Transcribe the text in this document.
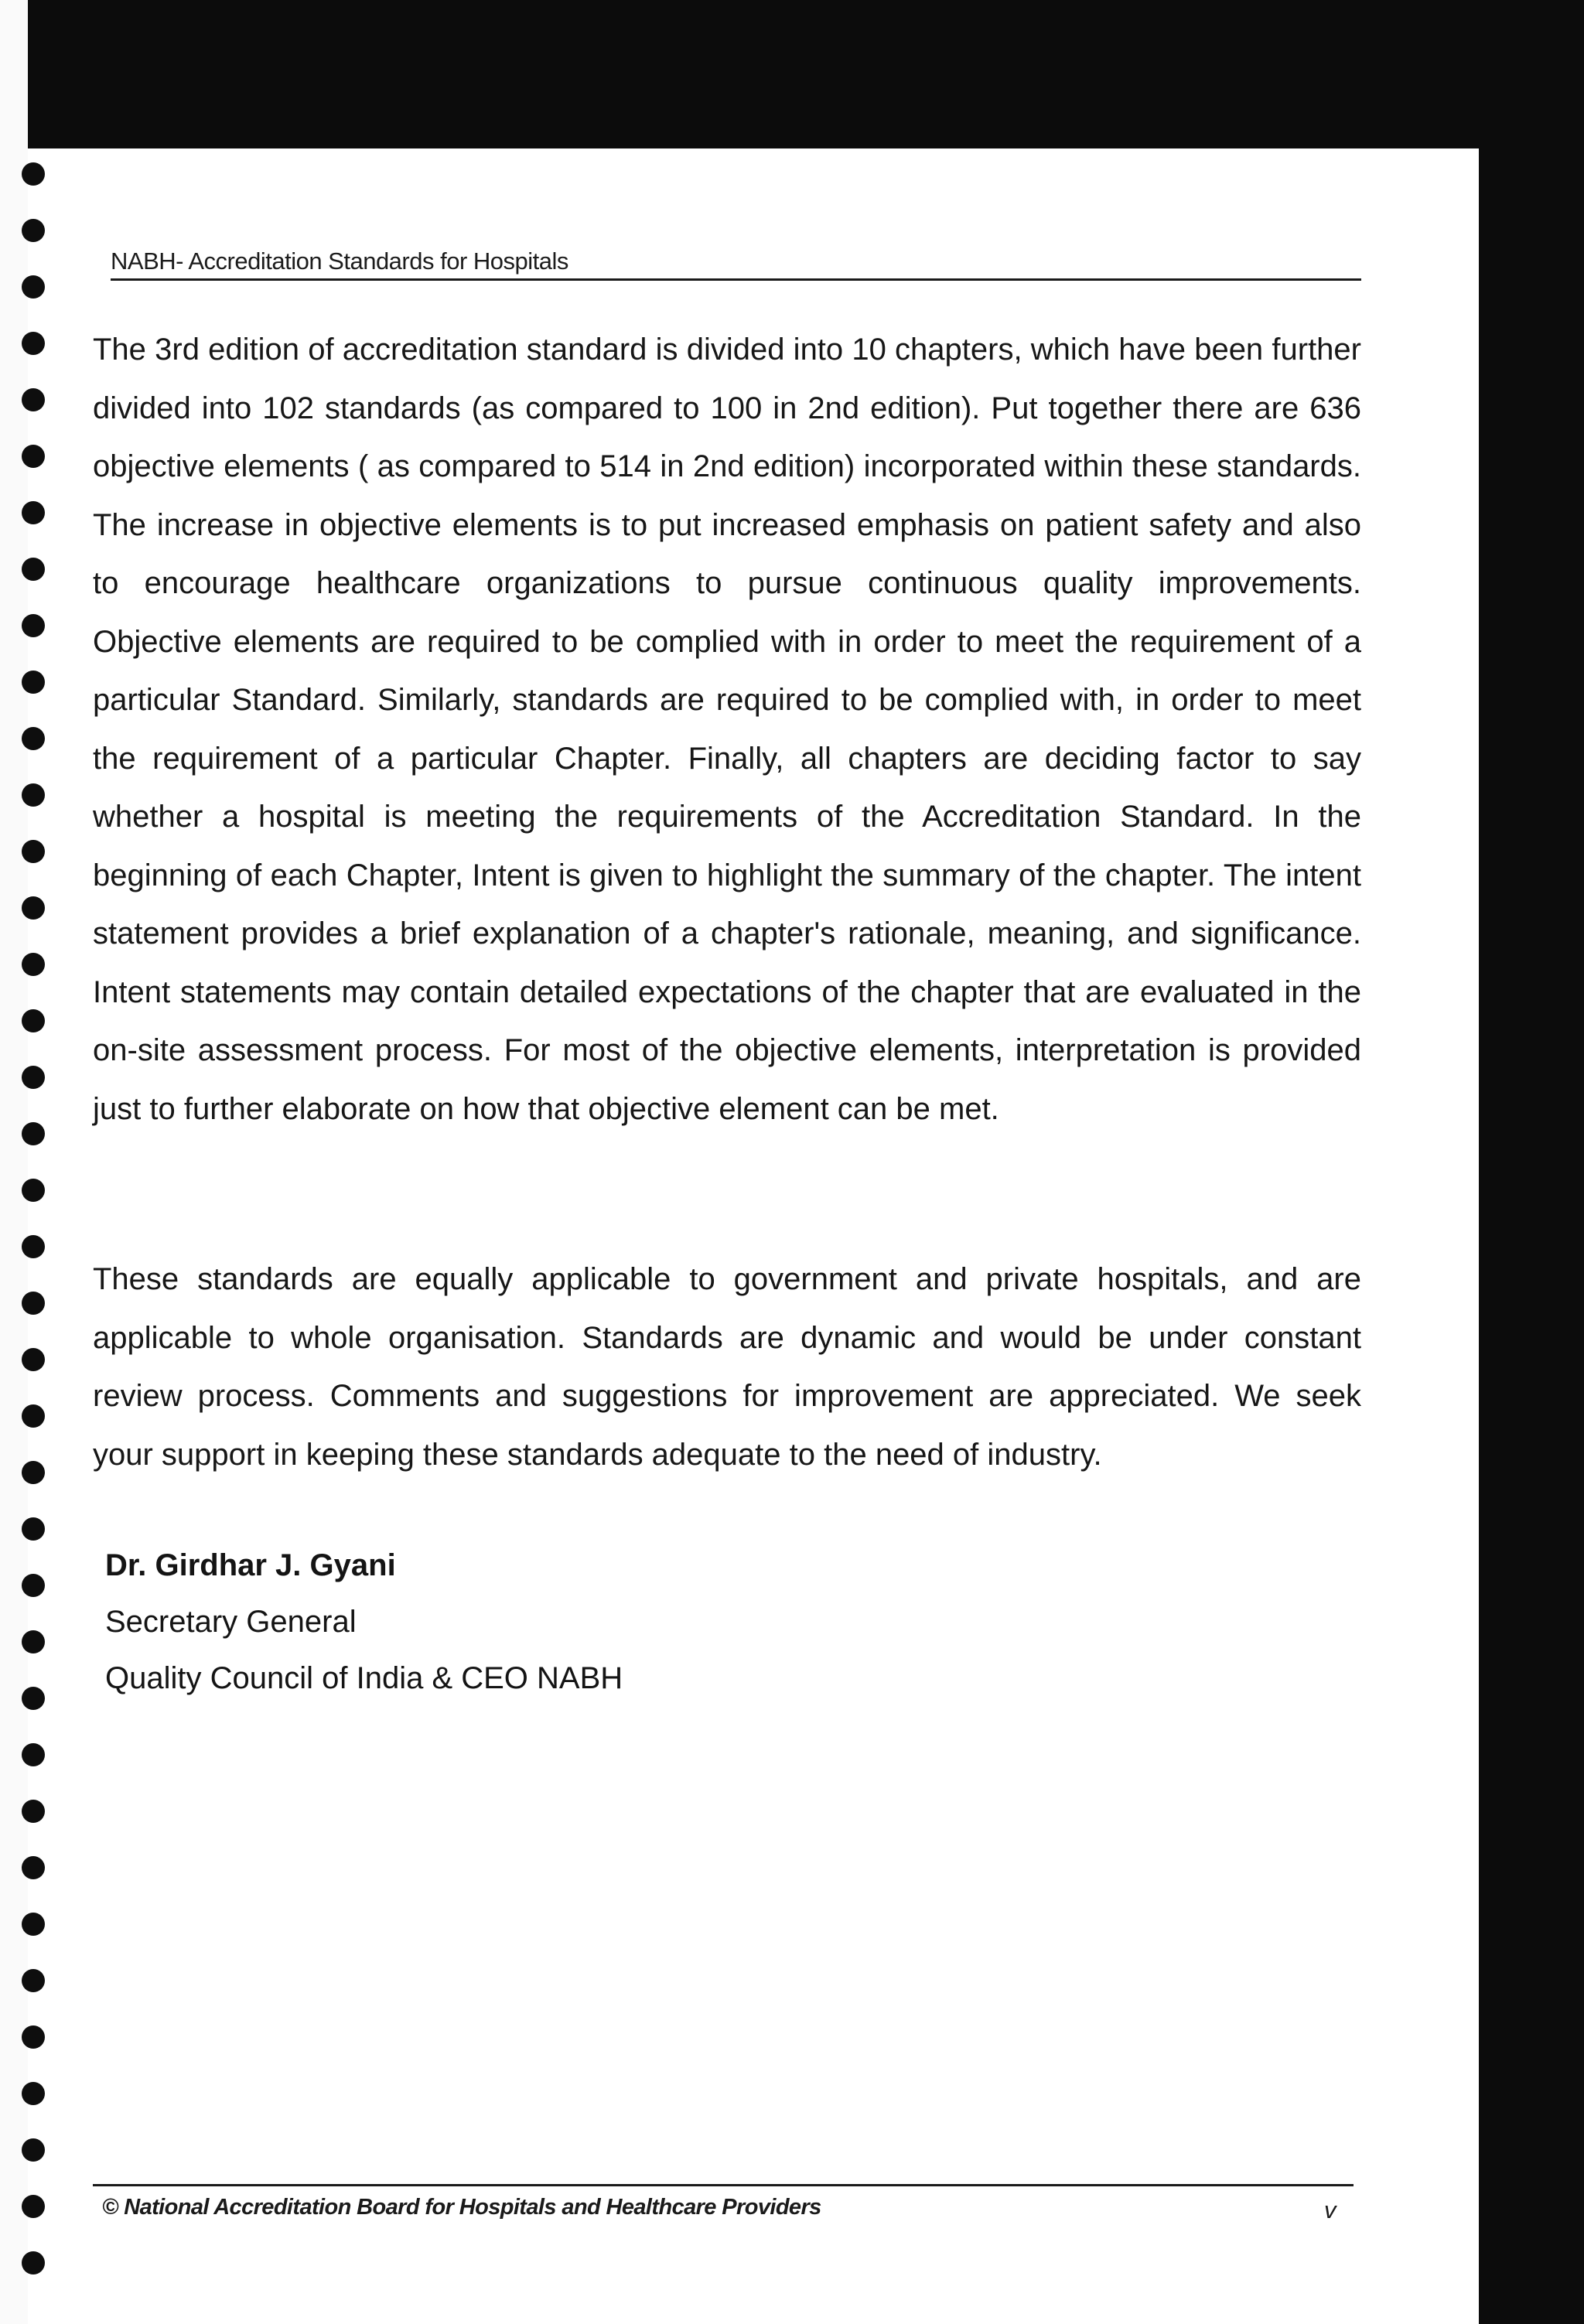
NABH- Accreditation Standards for Hospitals

The 3rd edition of accreditation standard is divided into 10 chapters, which have been further divided into 102 standards (as compared to 100 in 2nd edition). Put together there are 636 objective elements ( as compared to 514 in 2nd edition) incorporated within these standards. The increase in objective elements is to put increased emphasis on patient safety and also to encourage healthcare organizations to pursue continuous quality improvements. Objective elements are required to be complied with in order to meet the requirement of a particular Standard. Similarly, standards are required to be complied with, in order to meet the requirement of a particular Chapter. Finally, all chapters are deciding factor to say whether a hospital is meeting the requirements of the Accreditation Standard. In the beginning of each Chapter, Intent is given to highlight the summary of the chapter. The intent statement provides a brief explanation of a chapter's rationale, meaning, and significance. Intent statements may contain detailed expectations of the chapter that are evaluated in the on-site assessment process. For most of the objective elements, interpretation is provided just to further elaborate on how that objective element can be met.

These standards are equally applicable to government and private hospitals, and are applicable to whole organisation. Standards are dynamic and would be under constant review process. Comments and suggestions for improvement are appreciated. We seek your support in keeping these standards adequate to the need of industry.

Dr. Girdhar J. Gyani
Secretary General
Quality Council of India & CEO NABH
© National Accreditation Board for Hospitals and Healthcare Providers	v
